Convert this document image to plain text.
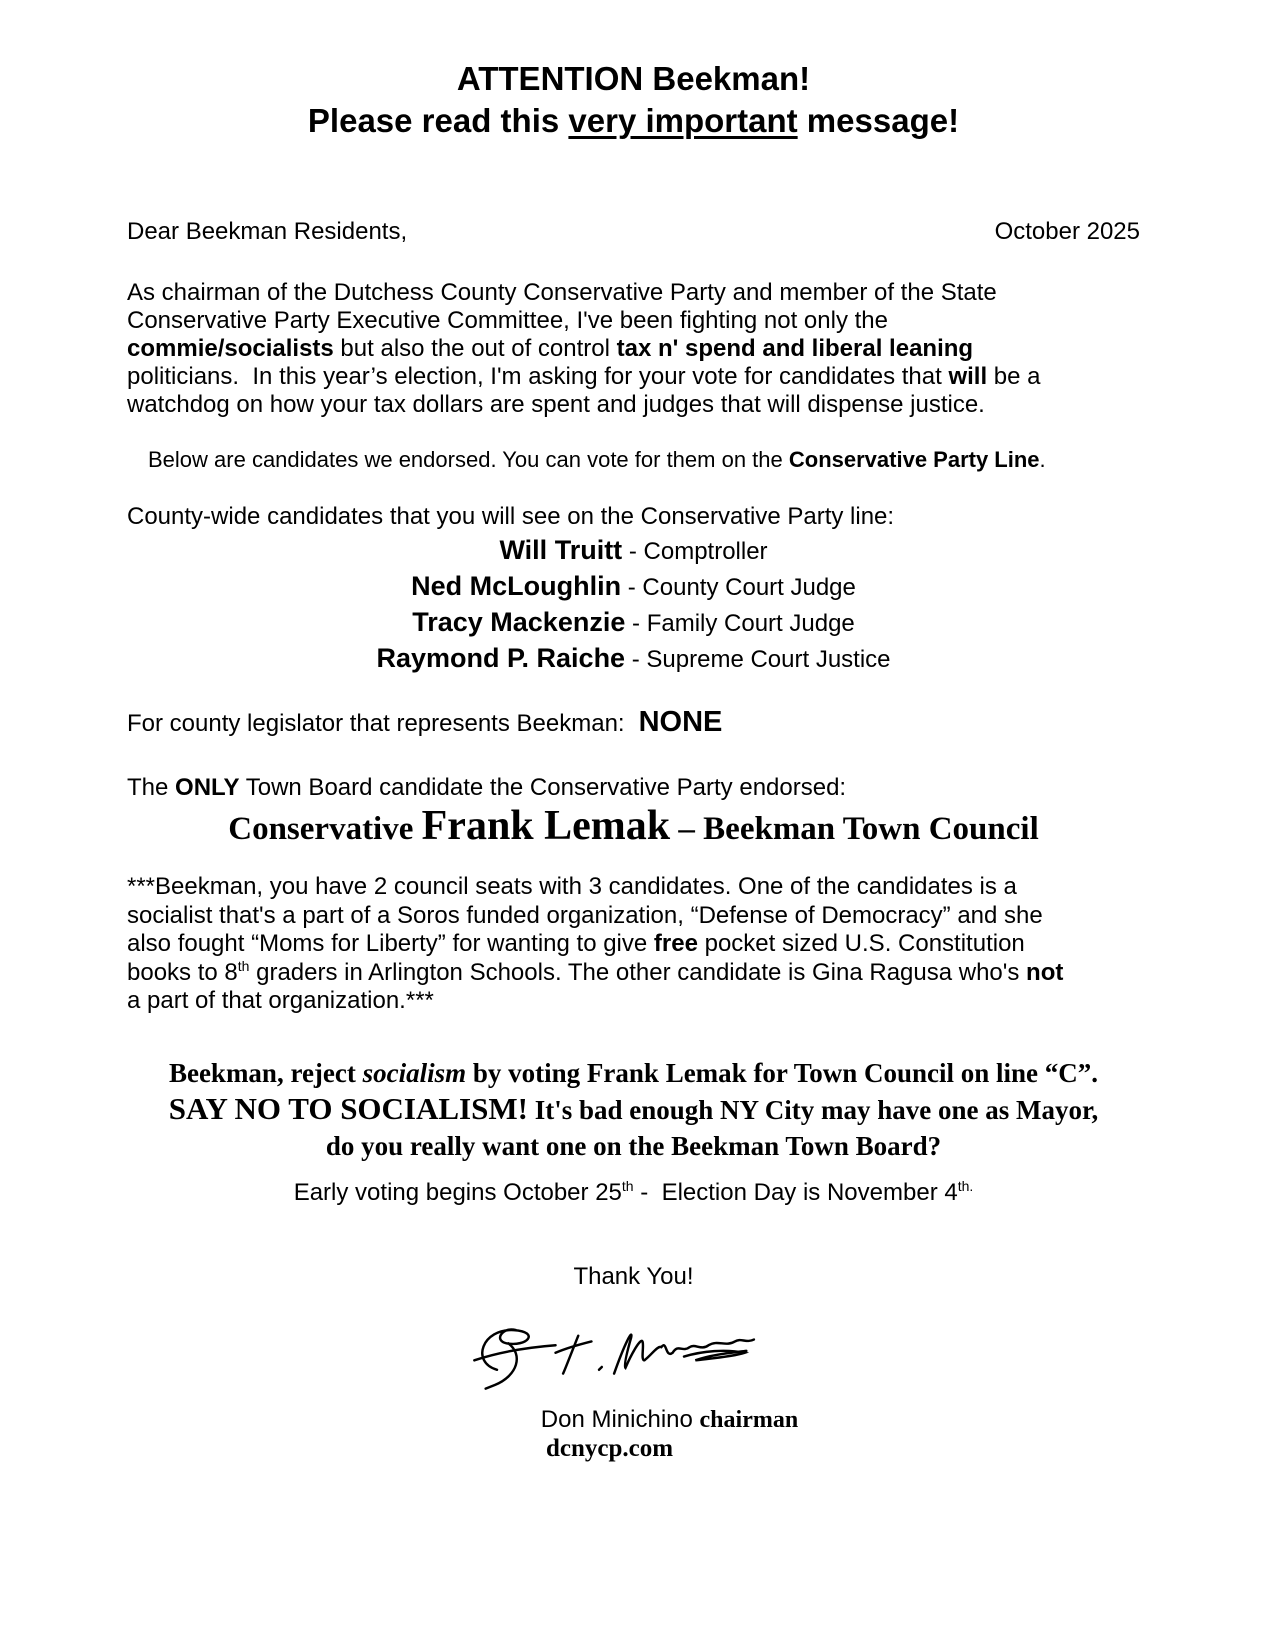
ATTENTION Beekman!
Please read this very important message!
Dear Beekman Residents,	October 2025

As chairman of the Dutchess County Conservative Party and member of the State
Conservative Party Executive Committee, I've been fighting not only the
commie/socialists but also the out of control tax n' spend and liberal leaning
politicians.  In this year’s election, I'm asking for your vote for candidates that will be a
watchdog on how your tax dollars are spent and judges that will dispense justice.

Below are candidates we endorsed. You can vote for them on the Conservative Party Line.

County-wide candidates that you will see on the Conservative Party line:

Will Truitt - Comptroller
Ned McLoughlin - County Court Judge
Tracy Mackenzie - Family Court Judge
Raymond P. Raiche - Supreme Court Justice

For county legislator that represents Beekman: NONE

The ONLY Town Board candidate the Conservative Party endorsed:

Conservative Frank Lemak – Beekman Town Council

***Beekman, you have 2 council seats with 3 candidates. One of the candidates is a
socialist that's a part of a Soros funded organization, “Defense of Democracy” and she
also fought “Moms for Liberty” for wanting to give free pocket sized U.S. Constitution
books to 8th graders in Arlington Schools. The other candidate is Gina Ragusa who's not
a part of that organization.***

Beekman, reject socialism by voting Frank Lemak for Town Council on line “C”.
SAY NO TO SOCIALISM! It's bad enough NY City may have one as Mayor,
do you really want one on the Beekman Town Board?

Early voting begins October 25th -  Election Day is November $4^{th.}$

Thank You!

Don Minichino chairman
dcnycp.com
